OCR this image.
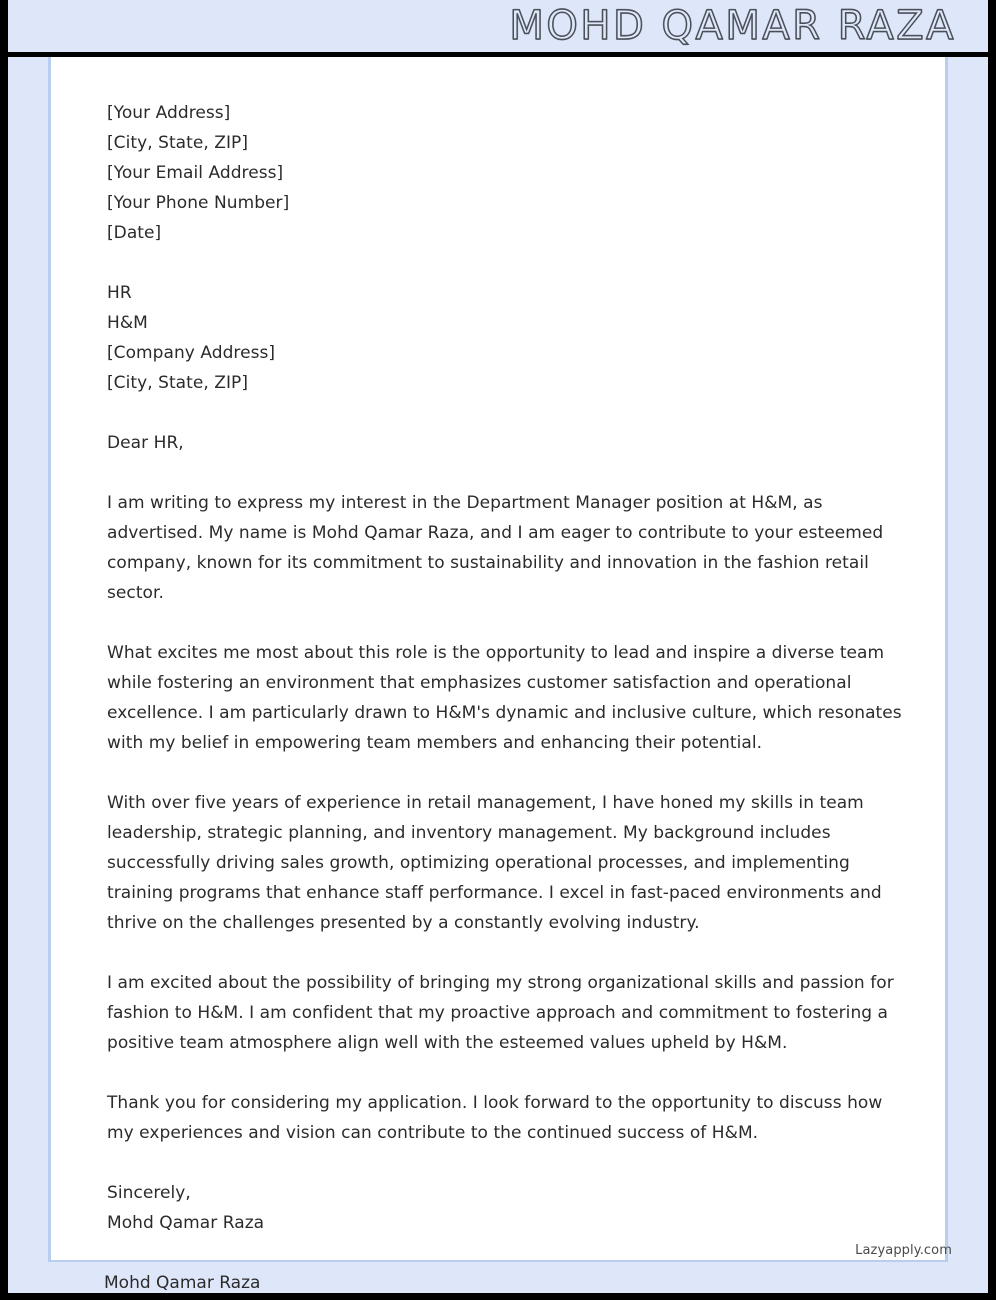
MOHD QAMAR RAZA
[Your Address]
[City, State, ZIP]
[Your Email Address]
[Your Phone Number]
[Date]
HR
H&M
[Company Address]
[City, State, ZIP]
Dear HR,

I am writing to express my interest in the Department Manager position at H&M, as advertised. My name is Mohd Qamar Raza, and I am eager to contribute to your esteemed company, known for its commitment to sustainability and innovation in the fashion retail sector.

What excites me most about this role is the opportunity to lead and inspire a diverse team while fostering an environment that emphasizes customer satisfaction and operational excellence. I am particularly drawn to H&M's dynamic and inclusive culture, which resonates with my belief in empowering team members and enhancing their potential.

With over five years of experience in retail management, I have honed my skills in team leadership, strategic planning, and inventory management. My background includes successfully driving sales growth, optimizing operational processes, and implementing training programs that enhance staff performance. I excel in fast-paced environments and thrive on the challenges presented by a constantly evolving industry.

I am excited about the possibility of bringing my strong organizational skills and passion for fashion to H&M. I am confident that my proactive approach and commitment to fostering a positive team atmosphere align well with the esteemed values upheld by H&M.

Thank you for considering my application. I look forward to the opportunity to discuss how my experiences and vision can contribute to the continued success of H&M.

Sincerely,
Mohd Qamar Raza
Mohd Qamar Raza
Lazyapply.com
